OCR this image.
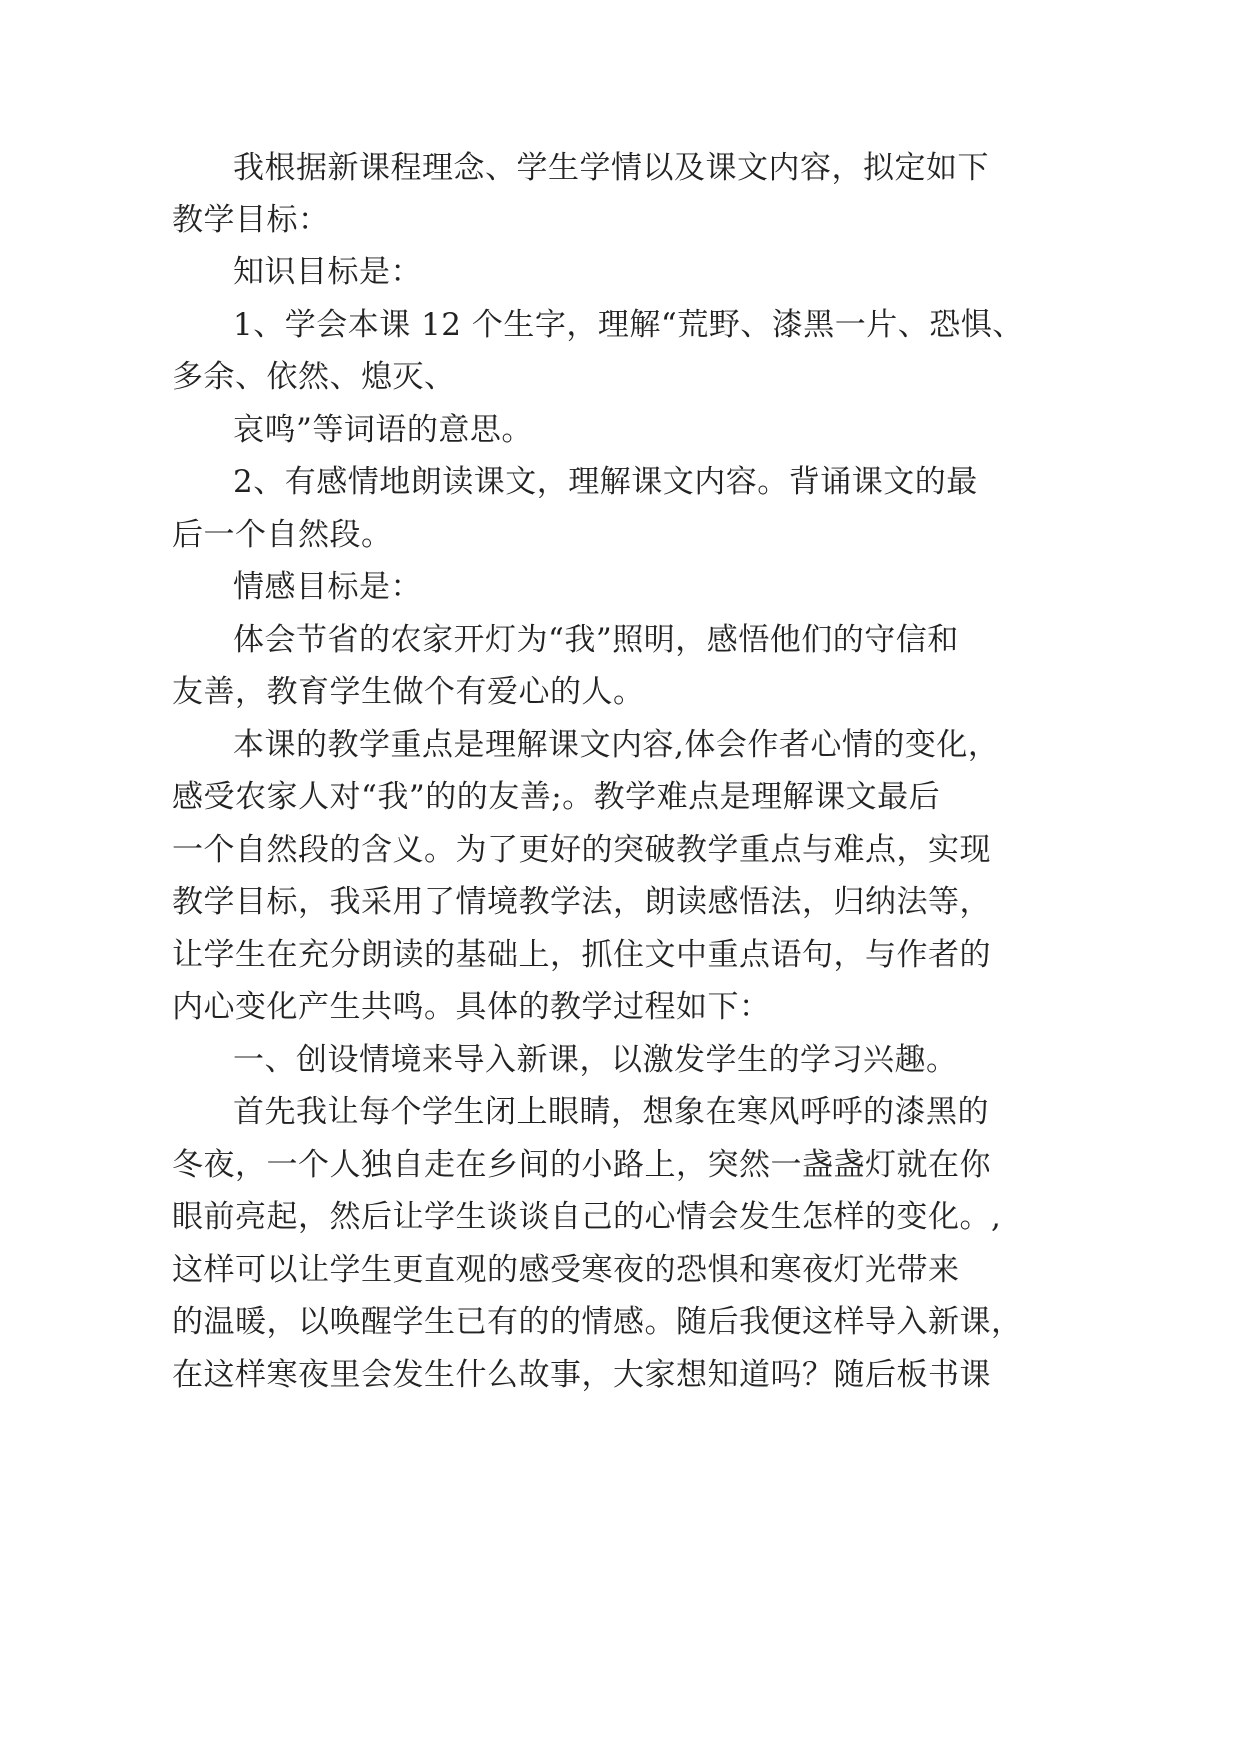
我根据新课程理念、学生学情以及课文内容，拟定如下
教学目标：
知识目标是：
1、学会本课 12 个生字，理解“荒野、漆黑一片、恐惧、
多余、依然、熄灭、
哀鸣”等词语的意思。
2、有感情地朗读课文，理解课文内容。背诵课文的最
后一个自然段。
情感目标是：
体会节省的农家开灯为“我”照明，感悟他们的守信和
友善，教育学生做个有爱心的人。
本课的教学重点是理解课文内容,体会作者心情的变化，
感受农家人对“我”的的友善;。教学难点是理解课文最后
一个自然段的含义。为了更好的突破教学重点与难点，实现
教学目标，我采用了情境教学法，朗读感悟法，归纳法等，
让学生在充分朗读的基础上，抓住文中重点语句，与作者的
内心变化产生共鸣。具体的教学过程如下：
一、创设情境来导入新课，以激发学生的学习兴趣。
首先我让每个学生闭上眼睛，想象在寒风呼呼的漆黑的
冬夜，一个人独自走在乡间的小路上，突然一盏盏灯就在你
眼前亮起，然后让学生谈谈自己的心情会发生怎样的变化。,
这样可以让学生更直观的感受寒夜的恐惧和寒夜灯光带来
的温暖，以唤醒学生已有的的情感。随后我便这样导入新课，
在这样寒夜里会发生什么故事，大家想知道吗？随后板书课
